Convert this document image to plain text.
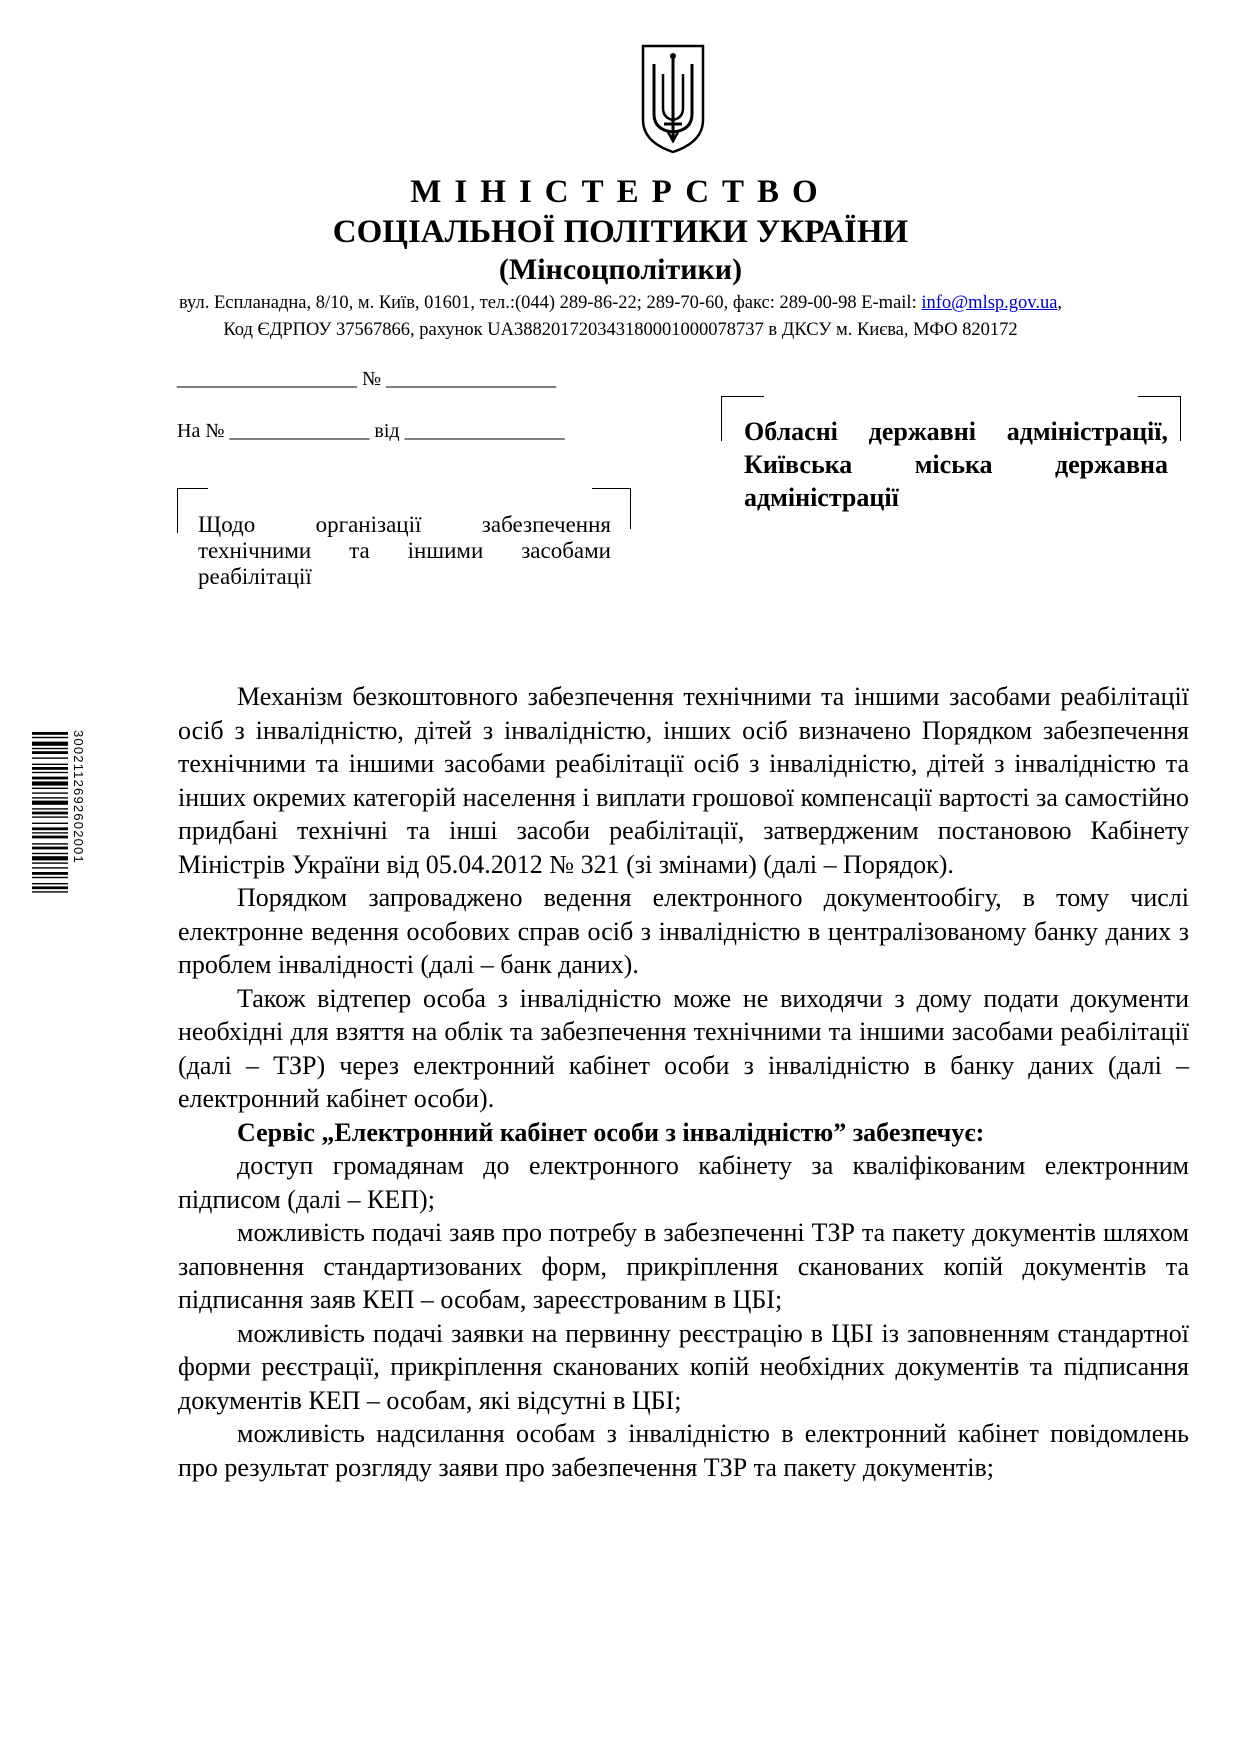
МІНІСТЕРСТВО
СОЦІАЛЬНОЇ ПОЛІТИКИ УКРАЇНИ
(Мінсоцполітики)
вул. Еспланадна, 8/10, м. Київ, 01601, тел.:(044) 289-86-22; 289-70-60, факс: 289-00-98 E-mail: info@mlsp.gov.ua,
Код ЄДРПОУ 37567866, рахунок UA388201720343180001000078737 в ДКСУ м. Києва, МФО 820172
__________________ № _________________
На № ______________ від ________________	Обласні державні адміністрації, Київська міська державна адміністрації
Щодо організації забезпечення технічними та іншими засобами реабілітації
3002112692602001

Механізм безкоштовного забезпечення технічними та іншими засобами реабілітації осіб з інвалідністю, дітей з інвалідністю, інших осіб визначено Порядком забезпечення технічними та іншими засобами реабілітації осіб з інвалідністю, дітей з інвалідністю та інших окремих категорій населення і виплати грошової компенсації вартості за самостійно придбані технічні та інші засоби реабілітації, затвердженим постановою Кабінету Міністрів України від 05.04.2012 № 321 (зі змінами) (далі – Порядок).

Порядком запроваджено ведення електронного документообігу, в тому числі електронне ведення особових справ осіб з інвалідністю в централізованому банку даних з проблем інвалідності (далі – банк даних).

Також відтепер особа з інвалідністю може не виходячи з дому подати документи необхідні для взяття на облік та забезпечення технічними та іншими засобами реабілітації (далі – ТЗР) через електронний кабінет особи з інвалідністю в банку даних (далі – електронний кабінет особи).

Сервіс „Електронний кабінет особи з інвалідністю” забезпечує:

доступ громадянам до електронного кабінету за кваліфікованим електронним підписом (далі – КЕП);

можливість подачі заяв про потребу в забезпеченні ТЗР та пакету документів шляхом заповнення стандартизованих форм, прикріплення сканованих копій документів та підписання заяв КЕП – особам, зареєстрованим в ЦБІ;

можливість подачі заявки на первинну реєстрацію в ЦБІ із заповненням стандартної форми реєстрації, прикріплення сканованих копій необхідних документів та підписання документів КЕП – особам, які відсутні в ЦБІ;

можливість надсилання особам з інвалідністю в електронний кабінет повідомлень про результат розгляду заяви про забезпечення ТЗР та пакету документів;
